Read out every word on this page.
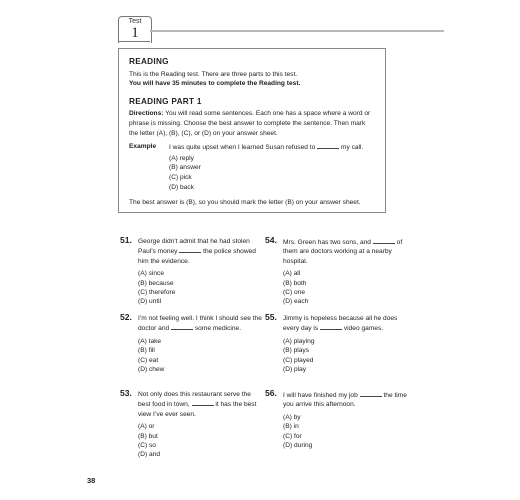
Test
1
READING

This is the Reading test. There are three parts to this test.

You will have 35 minutes to complete the Reading test.

READING PART 1

Directions: You will read some sentences. Each one has a space where a word or phrase is missing. Choose the best answer to complete the sentence. Then mark the letter (A), (B), (C), or (D) on your answer sheet.

Example	I was quite upset when I learned Susan refused to	my call.
(A) reply
(B) answer
(C) pick
(D) back

The best answer is (B), so you should mark the letter (B) on your answer sheet.

51. George didn’t admit that he had stolen Paul’s money	the police showed him the evidence.

(A) since
(B) because
(C) therefore
(D) until
52. I’m not feeling well. I think I should see the doctor and	some medicine.

(A) take
(B) fill
(C) eat
(D) chew
53. Not only does this restaurant serve the best food in town,	it has the best view I’ve ever seen.

(A) or
(B) but
(C) so
(D) and
54. Mrs. Green has two sons, and	of them are doctors working at a nearby hospital.

(A) all
(B) both
(C) one
(D) each
55. Jimmy is hopeless because all he does every day is	video games.

(A) playing
(B) plays
(C) played
(D) play
56. I will have finished my job	the time you arrive this afternoon.

(A) by
(B) in
(C) for
(D) during
38
